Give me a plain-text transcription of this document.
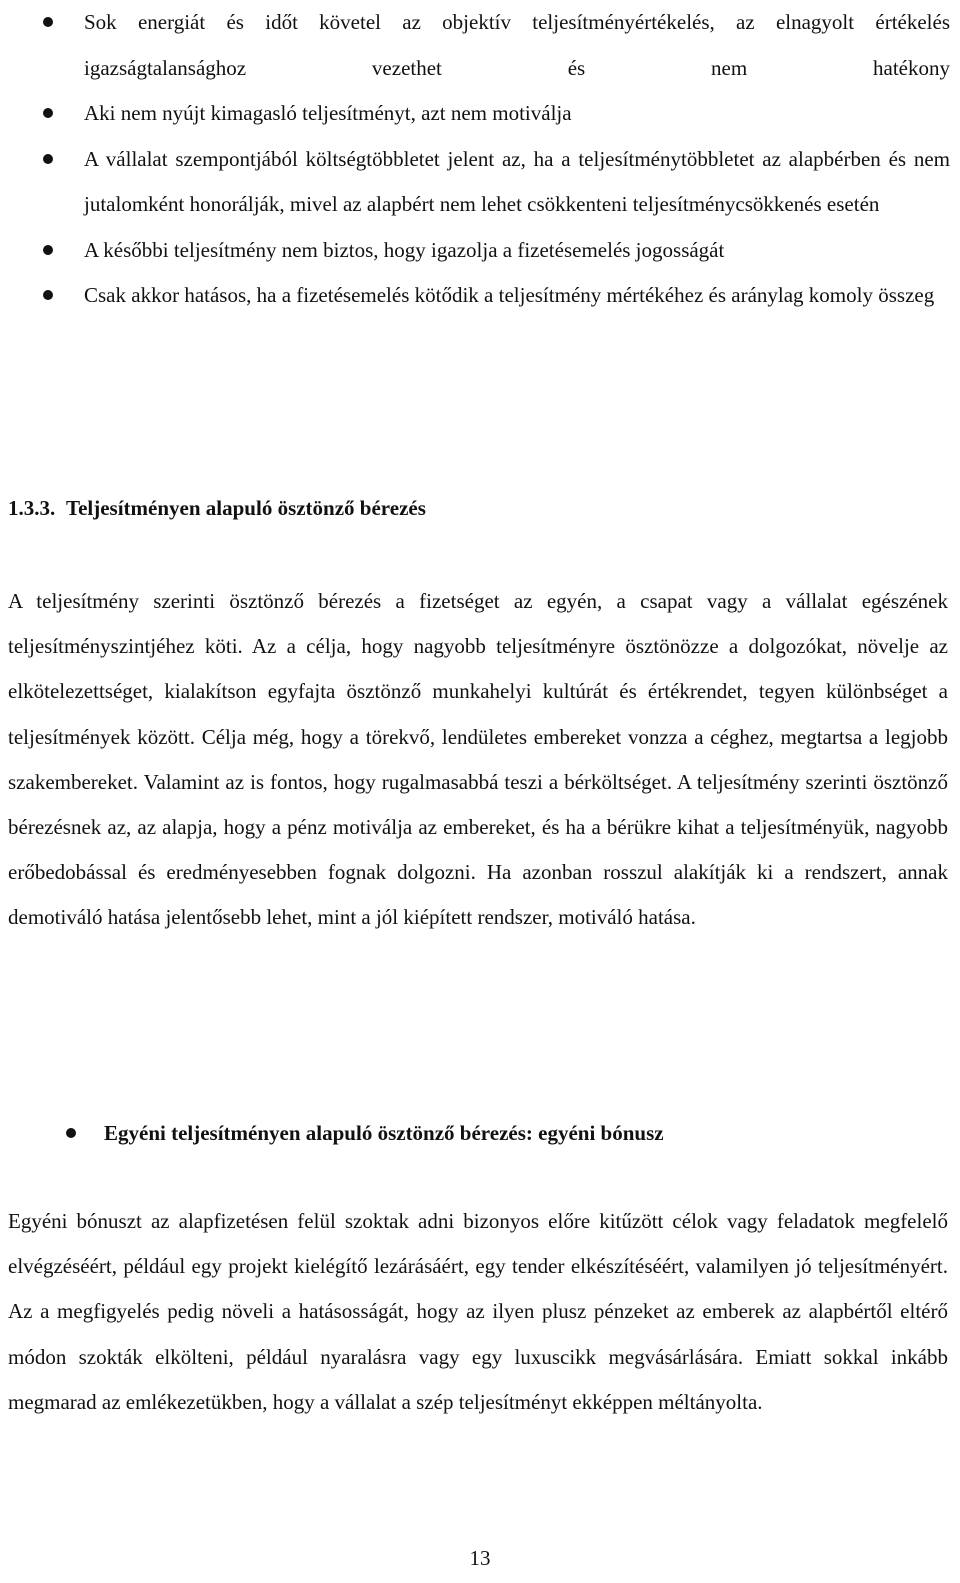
Sok energiát és időt követel az objektív teljesítményértékelés, az elnagyolt értékelés igazságtalansághoz vezethet és nem hatékony
Aki nem nyújt kimagasló teljesítményt, azt nem motiválja
A vállalat szempontjából költségtöbbletet jelent az, ha a teljesítménytöbbletet az alapbérben és nem jutalomként honorálják, mivel az alapbért nem lehet csökkenteni teljesítménycsökkenés esetén
A későbbi teljesítmény nem biztos, hogy igazolja a fizetésemelés jogosságát
Csak akkor hatásos, ha a fizetésemelés kötődik a teljesítmény mértékéhez és aránylag komoly összeg
1.3.3. Teljesítményen alapuló ösztönző bérezés

A teljesítmény szerinti ösztönző bérezés a fizetséget az egyén, a csapat vagy a vállalat egészének teljesítményszintjéhez köti. Az a célja, hogy nagyobb teljesítményre ösztönözze a dolgozókat, növelje az elkötelezettséget, kialakítson egyfajta ösztönző munkahelyi kultúrát és értékrendet, tegyen különbséget a teljesítmények között. Célja még, hogy a törekvő, lendületes embereket vonzza a céghez, megtartsa a legjobb szakembereket. Valamint az is fontos, hogy rugalmasabbá teszi a bérköltséget. A teljesítmény szerinti ösztönző bérezésnek az, az alapja, hogy a pénz motiválja az embereket, és ha a bérükre kihat a teljesítményük, nagyobb erőbedobással és eredményesebben fognak dolgozni. Ha azonban rosszul alakítják ki a rendszert, annak demotiváló hatása jelentősebb lehet, mint a jól kiépített rendszer, motiváló hatása.

Egyéni teljesítményen alapuló ösztönző bérezés: egyéni bónusz

Egyéni bónuszt az alapfizetésen felül szoktak adni bizonyos előre kitűzött célok vagy feladatok megfelelő elvégzéséért, például egy projekt kielégítő lezárásáért, egy tender elkészítéséért, valamilyen jó teljesítményért. Az a megfigyelés pedig növeli a hatásosságát, hogy az ilyen plusz pénzeket az emberek az alapbértől eltérő módon szokták elkölteni, például nyaralásra vagy egy luxuscikk megvásárlására. Emiatt sokkal inkább megmarad az emlékezetükben, hogy a vállalat a szép teljesítményt ekképpen méltányolta.

13
